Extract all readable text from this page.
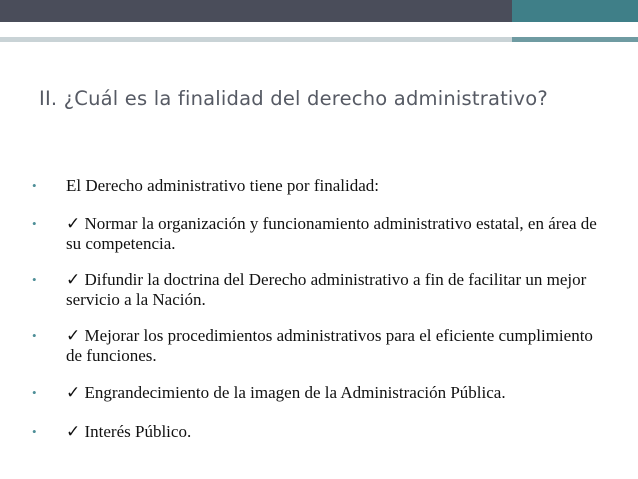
II. ¿Cuál es la finalidad del derecho administrativo?
•	El Derecho administrativo tiene por finalidad:
•	✓ Normar la organización y funcionamiento administrativo estatal, en área de su competencia.
•	✓ Difundir la doctrina del Derecho administrativo a fin de facilitar un mejor servicio a la Nación.
•	✓ Mejorar los procedimientos administrativos para el eficiente cumplimiento de funciones.
•	✓ Engrandecimiento de la imagen de la Administración Pública.
•	✓ Interés Público.
